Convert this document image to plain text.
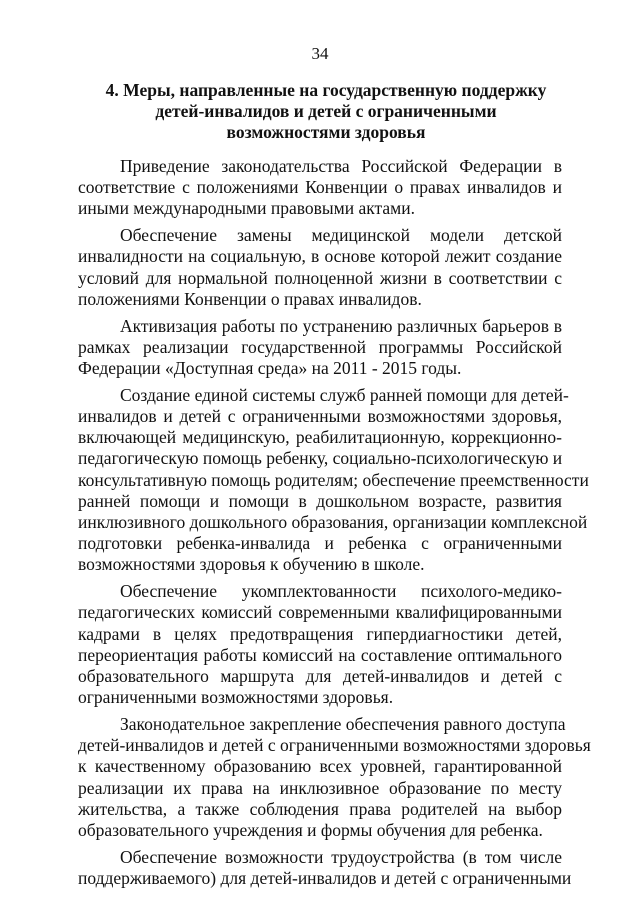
34
4. Меры, направленные на государственную поддержку
детей-инвалидов и детей с ограниченными
возможностями здоровья

Приведение законодательства Российской Федерации в
соответствие с положениями Конвенции о правах инвалидов и
иными международными правовыми актами.

Обеспечение замены медицинской модели детской
инвалидности на социальную, в основе которой лежит создание
условий для нормальной полноценной жизни в соответствии с
положениями Конвенции о правах инвалидов.

Активизация работы по устранению различных барьеров в
рамках реализации государственной программы Российской
Федерации «Доступная среда» на 2011 - 2015 годы.

Создание единой системы служб ранней помощи для детей-
инвалидов и детей с ограниченными возможностями здоровья,
включающей медицинскую, реабилитационную, коррекционно-
педагогическую помощь ребенку, социально-психологическую и
консультативную помощь родителям; обеспечение преемственности
ранней помощи и помощи в дошкольном возрасте, развития
инклюзивного дошкольного образования, организации комплексной
подготовки ребенка-инвалида и ребенка с ограниченными
возможностями здоровья к обучению в школе.

Обеспечение укомплектованности психолого-медико-
педагогических комиссий современными квалифицированными
кадрами в целях предотвращения гипердиагностики детей,
переориентация работы комиссий на составление оптимального
образовательного маршрута для детей-инвалидов и детей с
ограниченными возможностями здоровья.

Законодательное закрепление обеспечения равного доступа
детей-инвалидов и детей с ограниченными возможностями здоровья
к качественному образованию всех уровней, гарантированной
реализации их права на инклюзивное образование по месту
жительства, а также соблюдения права родителей на выбор
образовательного учреждения и формы обучения для ребенка.

Обеспечение возможности трудоустройства (в том числе
поддерживаемого) для детей-инвалидов и детей с ограниченными
